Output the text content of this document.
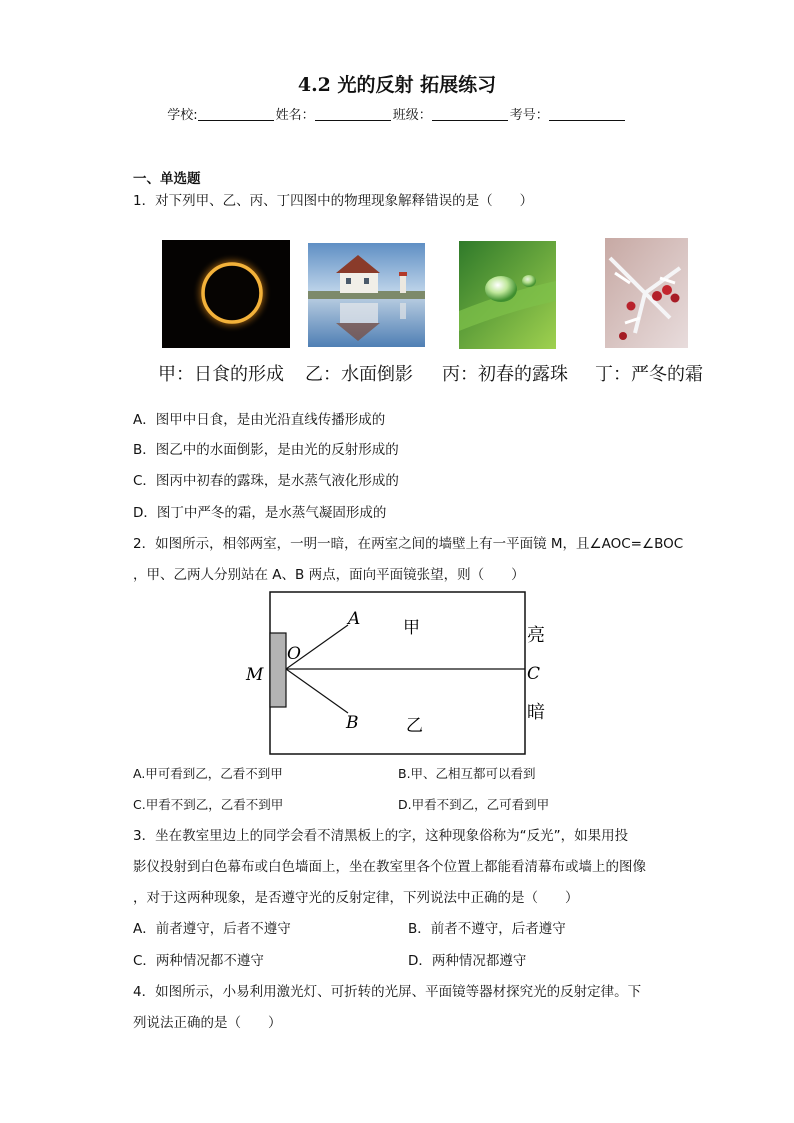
4.2 光的反射 拓展练习
学校:	姓名：	班级：	考号：
一、单选题
1．对下列甲、乙、丙、丁四图中的物理现象解释错误的是（　　）
甲：日食的形成 乙：水面倒影 丙：初春的露珠 丁：严冬的霜
A．图甲中日食，是由光沿直线传播形成的
B．图乙中的水面倒影，是由光的反射形成的
C．图丙中初春的露珠，是水蒸气液化形成的
D．图丁中严冬的霜，是水蒸气凝固形成的
2．如图所示，相邻两室，一明一暗，在两室之间的墙壁上有一平面镜 M，且∠AOC=∠BOC
，甲、乙两人分别站在 A、B 两点，面向平面镜张望，则（　　）
A
B
O
M	C
甲
乙
亮
暗
A.甲可看到乙，乙看不到甲	B.甲、乙相互都可以看到
C.甲看不到乙，乙看不到甲	D.甲看不到乙，乙可看到甲
3．坐在教室里边上的同学会看不清黑板上的字，这种现象俗称为“反光”，如果用投
影仪投射到白色幕布或白色墙面上，坐在教室里各个位置上都能看清幕布或墙上的图像
，对于这两种现象，是否遵守光的反射定律，下列说法中正确的是（　　）
A．前者遵守，后者不遵守	B．前者不遵守，后者遵守
C．两种情况都不遵守	D．两种情况都遵守
4．如图所示，小易利用激光灯、可折转的光屏、平面镜等器材探究光的反射定律。下
列说法正确的是（　　）
